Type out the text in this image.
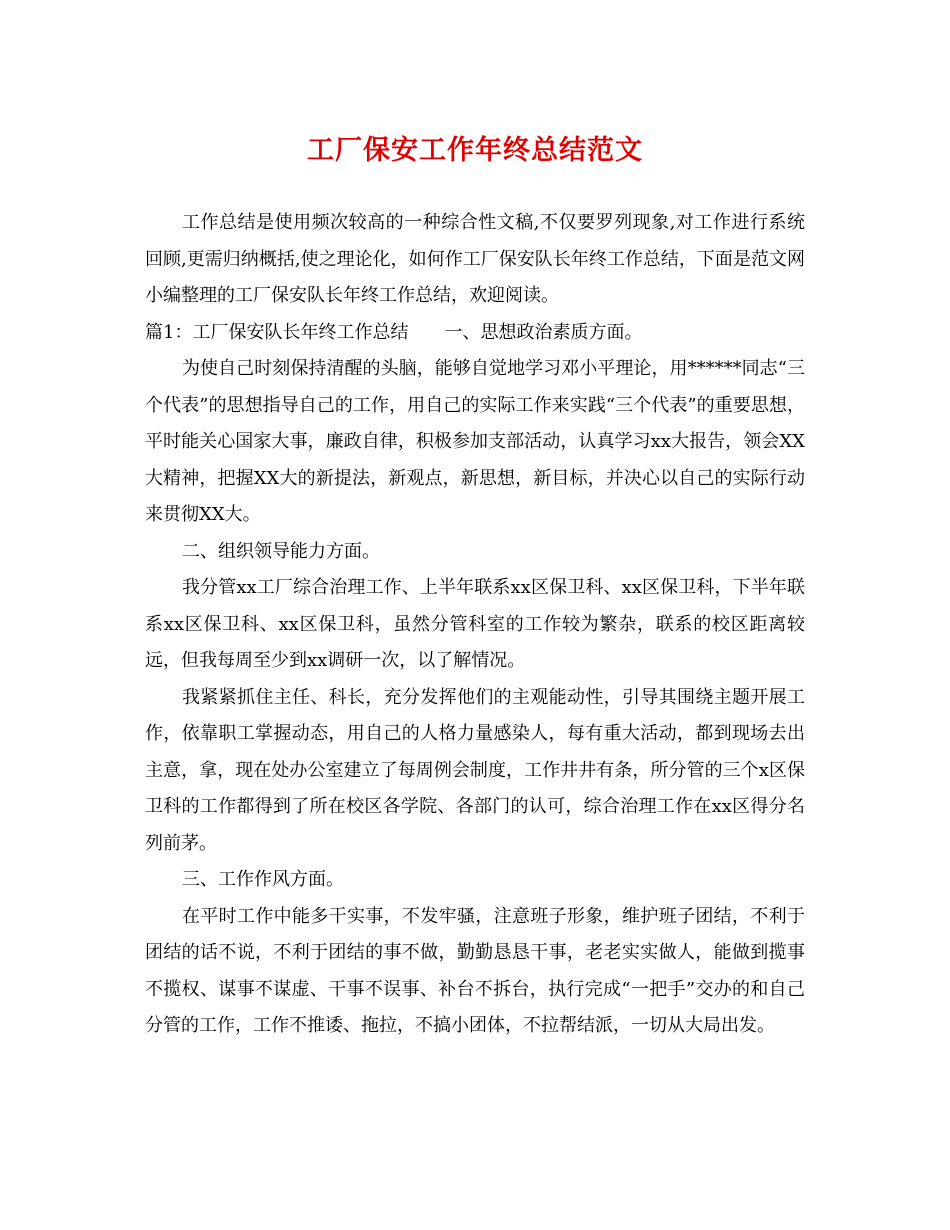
工厂保安工作年终总结范文

工作总结是使用频次较高的一种综合性文稿,不仅要罗列现象,对工作进行系统回顾,更需归纳概括,使之理论化，如何作工厂保安队长年终工作总结，下面是范文网小编整理的工厂保安队长年终工作总结，欢迎阅读。

篇1：工厂保安队长年终工作总结　　一、思想政治素质方面。

为使自己时刻保持清醒的头脑，能够自觉地学习邓小平理论，用******同志“三个代表”的思想指导自己的工作，用自己的实际工作来实践“三个代表”的重要思想，平时能关心国家大事，廉政自律，积极参加支部活动，认真学习xx大报告，领会XX大精神，把握XX大的新提法，新观点，新思想，新目标，并决心以自己的实际行动来贯彻XX大。

二、组织领导能力方面。

我分管xx工厂综合治理工作、上半年联系xx区保卫科、xx区保卫科，下半年联系xx区保卫科、xx区保卫科，虽然分管科室的工作较为繁杂，联系的校区距离较远，但我每周至少到xx调研一次，以了解情况。

我紧紧抓住主任、科长，充分发挥他们的主观能动性，引导其围绕主题开展工作，依靠职工掌握动态，用自己的人格力量感染人，每有重大活动，都到现场去出主意，拿，现在处办公室建立了每周例会制度，工作井井有条，所分管的三个x区保卫科的工作都得到了所在校区各学院、各部门的认可，综合治理工作在xx区得分名列前茅。

三、工作作风方面。

在平时工作中能多干实事，不发牢骚，注意班子形象，维护班子团结，不利于团结的话不说，不利于团结的事不做，勤勤恳恳干事，老老实实做人，能做到揽事不揽权、谋事不谋虚、干事不误事、补台不拆台，执行完成“一把手”交办的和自己分管的工作，工作不推诿、拖拉，不搞小团体，不拉帮结派，一切从大局出发。
